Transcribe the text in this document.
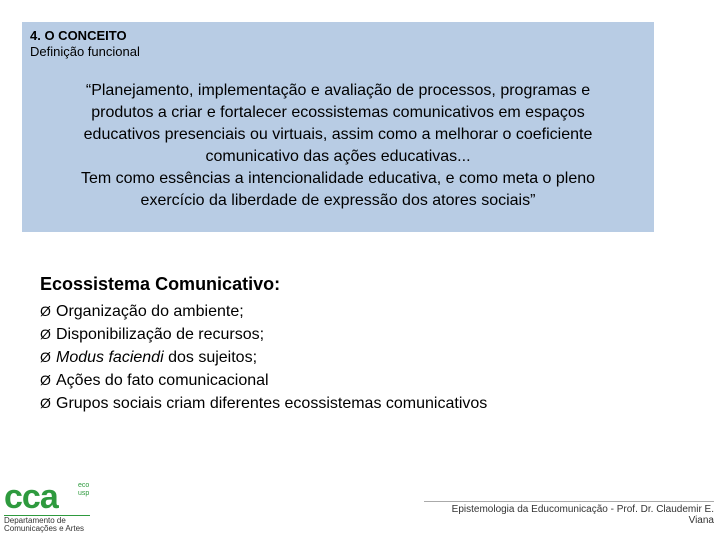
4. O CONCEITO
Definição funcional
“Planejamento, implementação e avaliação de processos, programas e
produtos a criar e fortalecer ecossistemas comunicativos em espaços
educativos presenciais ou virtuais, assim como a melhorar o coeficiente
comunicativo das ações educativas...
Tem como essências a intencionalidade educativa, e como meta o pleno
exercício da liberdade de expressão dos atores sociais”
Ecossistema Comunicativo:
Ø Organização do ambiente;
Ø Disponibilização de recursos;
Ø Modus faciendi dos sujeitos;
Ø Ações do fato comunicacional
Ø Grupos sociais criam diferentes ecossistemas comunicativos
cca	eco
usp
Departamento de
Comunicações e Artes
Epistemologia da Educomunicação - Prof. Dr. Claudemir E. Viana
